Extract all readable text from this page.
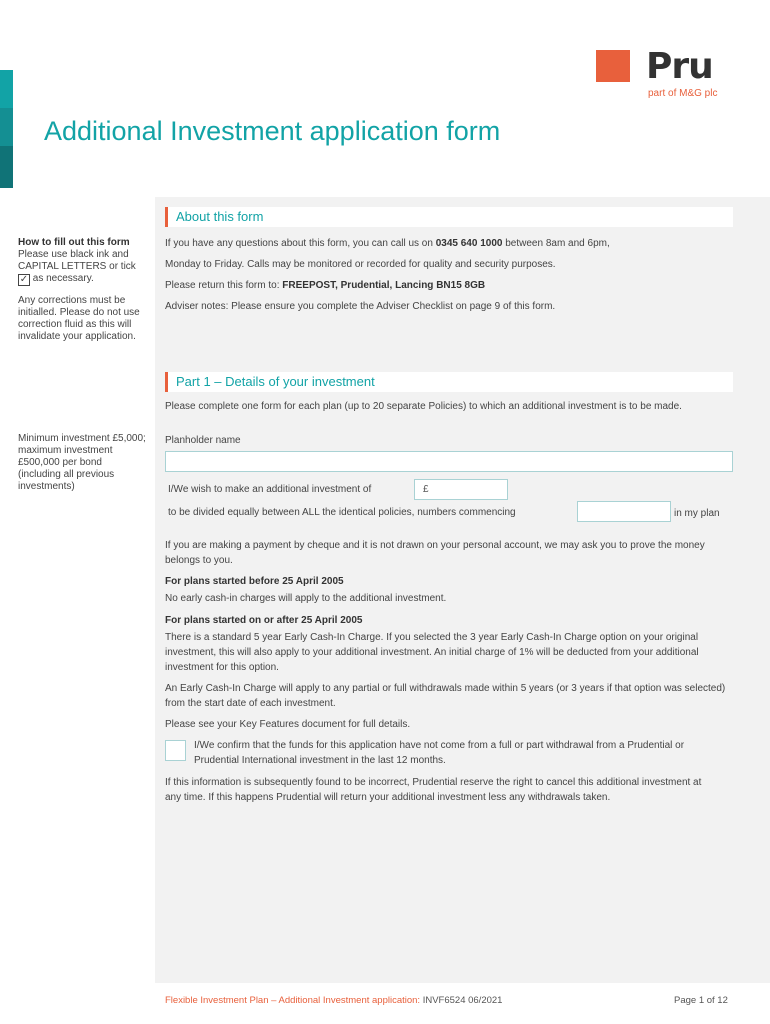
Pru
part of M&G plc
Additional Investment application form
About this form
How to fill out this form
Please use black ink and CAPITAL LETTERS or tick ✓ as necessary.
Any corrections must be initialled. Please do not use correction fluid as this will invalidate your application.
Minimum investment £5,000; maximum investment £500,000 per bond (including all previous investments)
If you have any questions about this form, you can call us on 0345 640 1000 between 8am and 6pm,
Monday to Friday. Calls may be monitored or recorded for quality and security purposes.
Please return this form to: FREEPOST, Prudential, Lancing BN15 8GB
Adviser notes: Please ensure you complete the Adviser Checklist on page 9 of this form.
Part 1 – Details of your investment
Please complete one form for each plan (up to 20 separate Policies) to which an additional investment is to be made.
Planholder name
I/We wish to make an additional investment of	£
to be divided equally between ALL the identical policies, numbers commencing	in my plan
If you are making a payment by cheque and it is not drawn on your personal account, we may ask you to prove the money belongs to you.
For plans started before 25 April 2005
No early cash-in charges will apply to the additional investment.
For plans started on or after 25 April 2005
There is a standard 5 year Early Cash-In Charge. If you selected the 3 year Early Cash-In Charge option on your original investment, this will also apply to your additional investment. An initial charge of 1% will be deducted from your additional investment for this option.
An Early Cash-In Charge will apply to any partial or full withdrawals made within 5 years (or 3 years if that option was selected) from the start date of each investment.
Please see your Key Features document for full details.
I/We confirm that the funds for this application have not come from a full or part withdrawal from a Prudential or Prudential International investment in the last 12 months.
If this information is subsequently found to be incorrect, Prudential reserve the right to cancel this additional investment at any time. If this happens Prudential will return your additional investment less any withdrawals taken.
Flexible Investment Plan – Additional Investment application: INVF6524 06/2021	Page 1 of 12
